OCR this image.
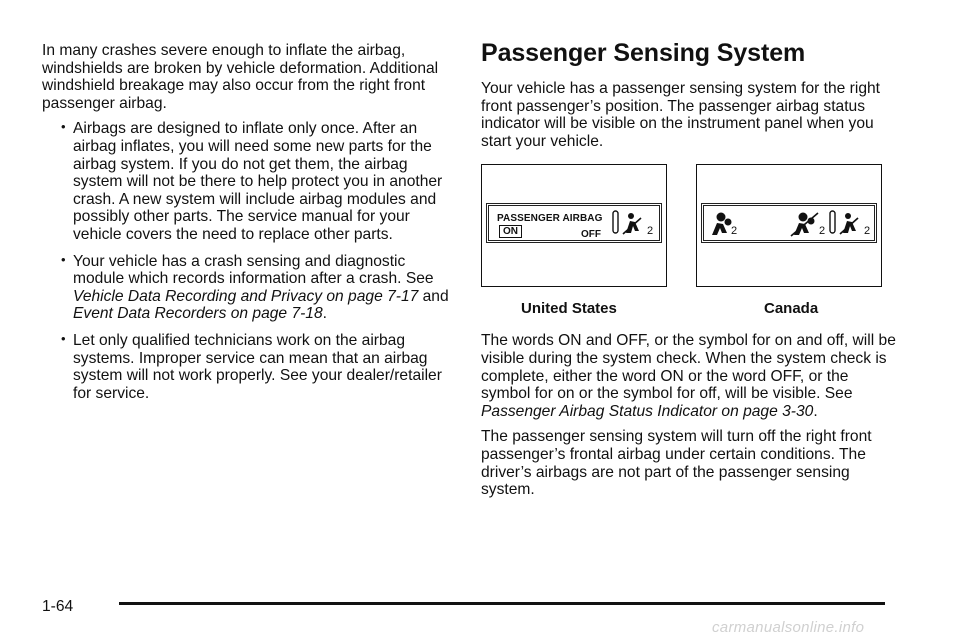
In many crashes severe enough to inflate the airbag, windshields are broken by vehicle deformation. Additional windshield breakage may also occur from the right front passenger airbag.

• Airbags are designed to inflate only once. After an airbag inflates, you will need some new parts for the airbag system. If you do not get them, the airbag system will not be there to help protect you in another crash. A new system will include airbag modules and possibly other parts. The service manual for your vehicle covers the need to replace other parts.
• Your vehicle has a crash sensing and diagnostic module which records information after a crash. See Vehicle Data Recording and Privacy on page 7-17 and Event Data Recorders on page 7-18.
• Let only qualified technicians work on the airbag systems. Improper service can mean that an airbag system will not work properly. See your dealer/retailer for service.
Passenger Sensing System

Your vehicle has a passenger sensing system for the right front passenger’s position. The passenger airbag status indicator will be visible on the instrument panel when you start your vehicle.

PASSENGER AIRBAG
ON	OFF	2	2	2	2
United States	Canada

The words ON and OFF, or the symbol for on and off, will be visible during the system check. When the system check is complete, either the word ON or the word OFF, or the symbol for on or the symbol for off, will be visible. See Passenger Airbag Status Indicator on page 3-30.

The passenger sensing system will turn off the right front passenger’s frontal airbag under certain conditions. The driver’s airbags are not part of the passenger sensing system.

1-64
carmanualsonline.info
